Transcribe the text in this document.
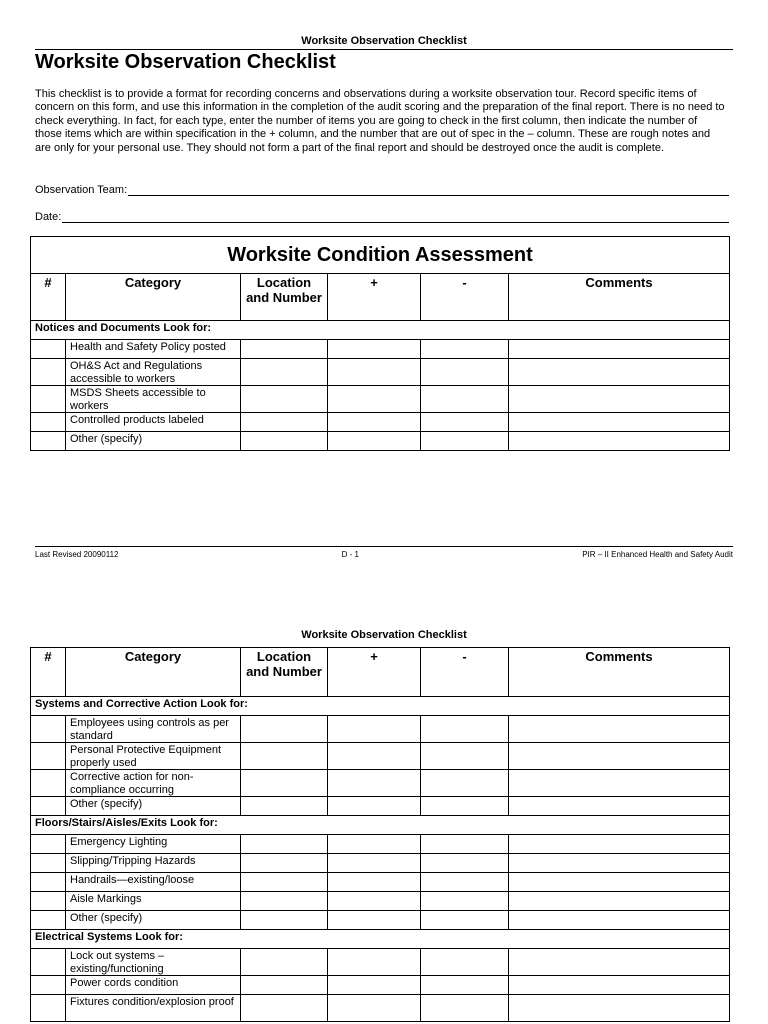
Worksite Observation Checklist
Worksite Observation Checklist

This checklist is to provide a format for recording concerns and observations during a worksite observation tour. Record specific items of concern on this form, and use this information in the completion of the audit scoring and the preparation of the final report. There is no need to check everything. In fact, for each type, enter the number of items you are going to check in the first column, then indicate the number of those items which are within specification in the + column, and the number that are out of spec in the – column. These are rough notes and are only for your personal use. They should not form a part of the final report and should be destroyed once the audit is complete.

Observation Team:
Date:
Worksite Condition Assessment					
#	Category	Location and Number	+	-	Comments
Notices and Documents Look for:					
	Health and Safety Policy posted				
	OH&S Act and Regulations accessible to workers				
	MSDS Sheets accessible to workers				
	Controlled products labeled				
	Other (specify)				
Last Revised 20090112	D - 1	PIR – II Enhanced Health and Safety Audit
Worksite Observation Checklist
#	Category	Location and Number	+	-	Comments
Systems and Corrective Action Look for:					
	Employees using controls as per standard				
	Personal Protective Equipment properly used				
	Corrective action for non-compliance occurring				
	Other (specify)				
Floors/Stairs/Aisles/Exits Look for:					
	Emergency Lighting				
	Slipping/Tripping Hazards				
	Handrails—existing/loose				
	Aisle Markings				
	Other (specify)				
Electrical Systems Look for:					
	Lock out systems – existing/functioning				
	Power cords condition				
	Fixtures condition/explosion proof				
